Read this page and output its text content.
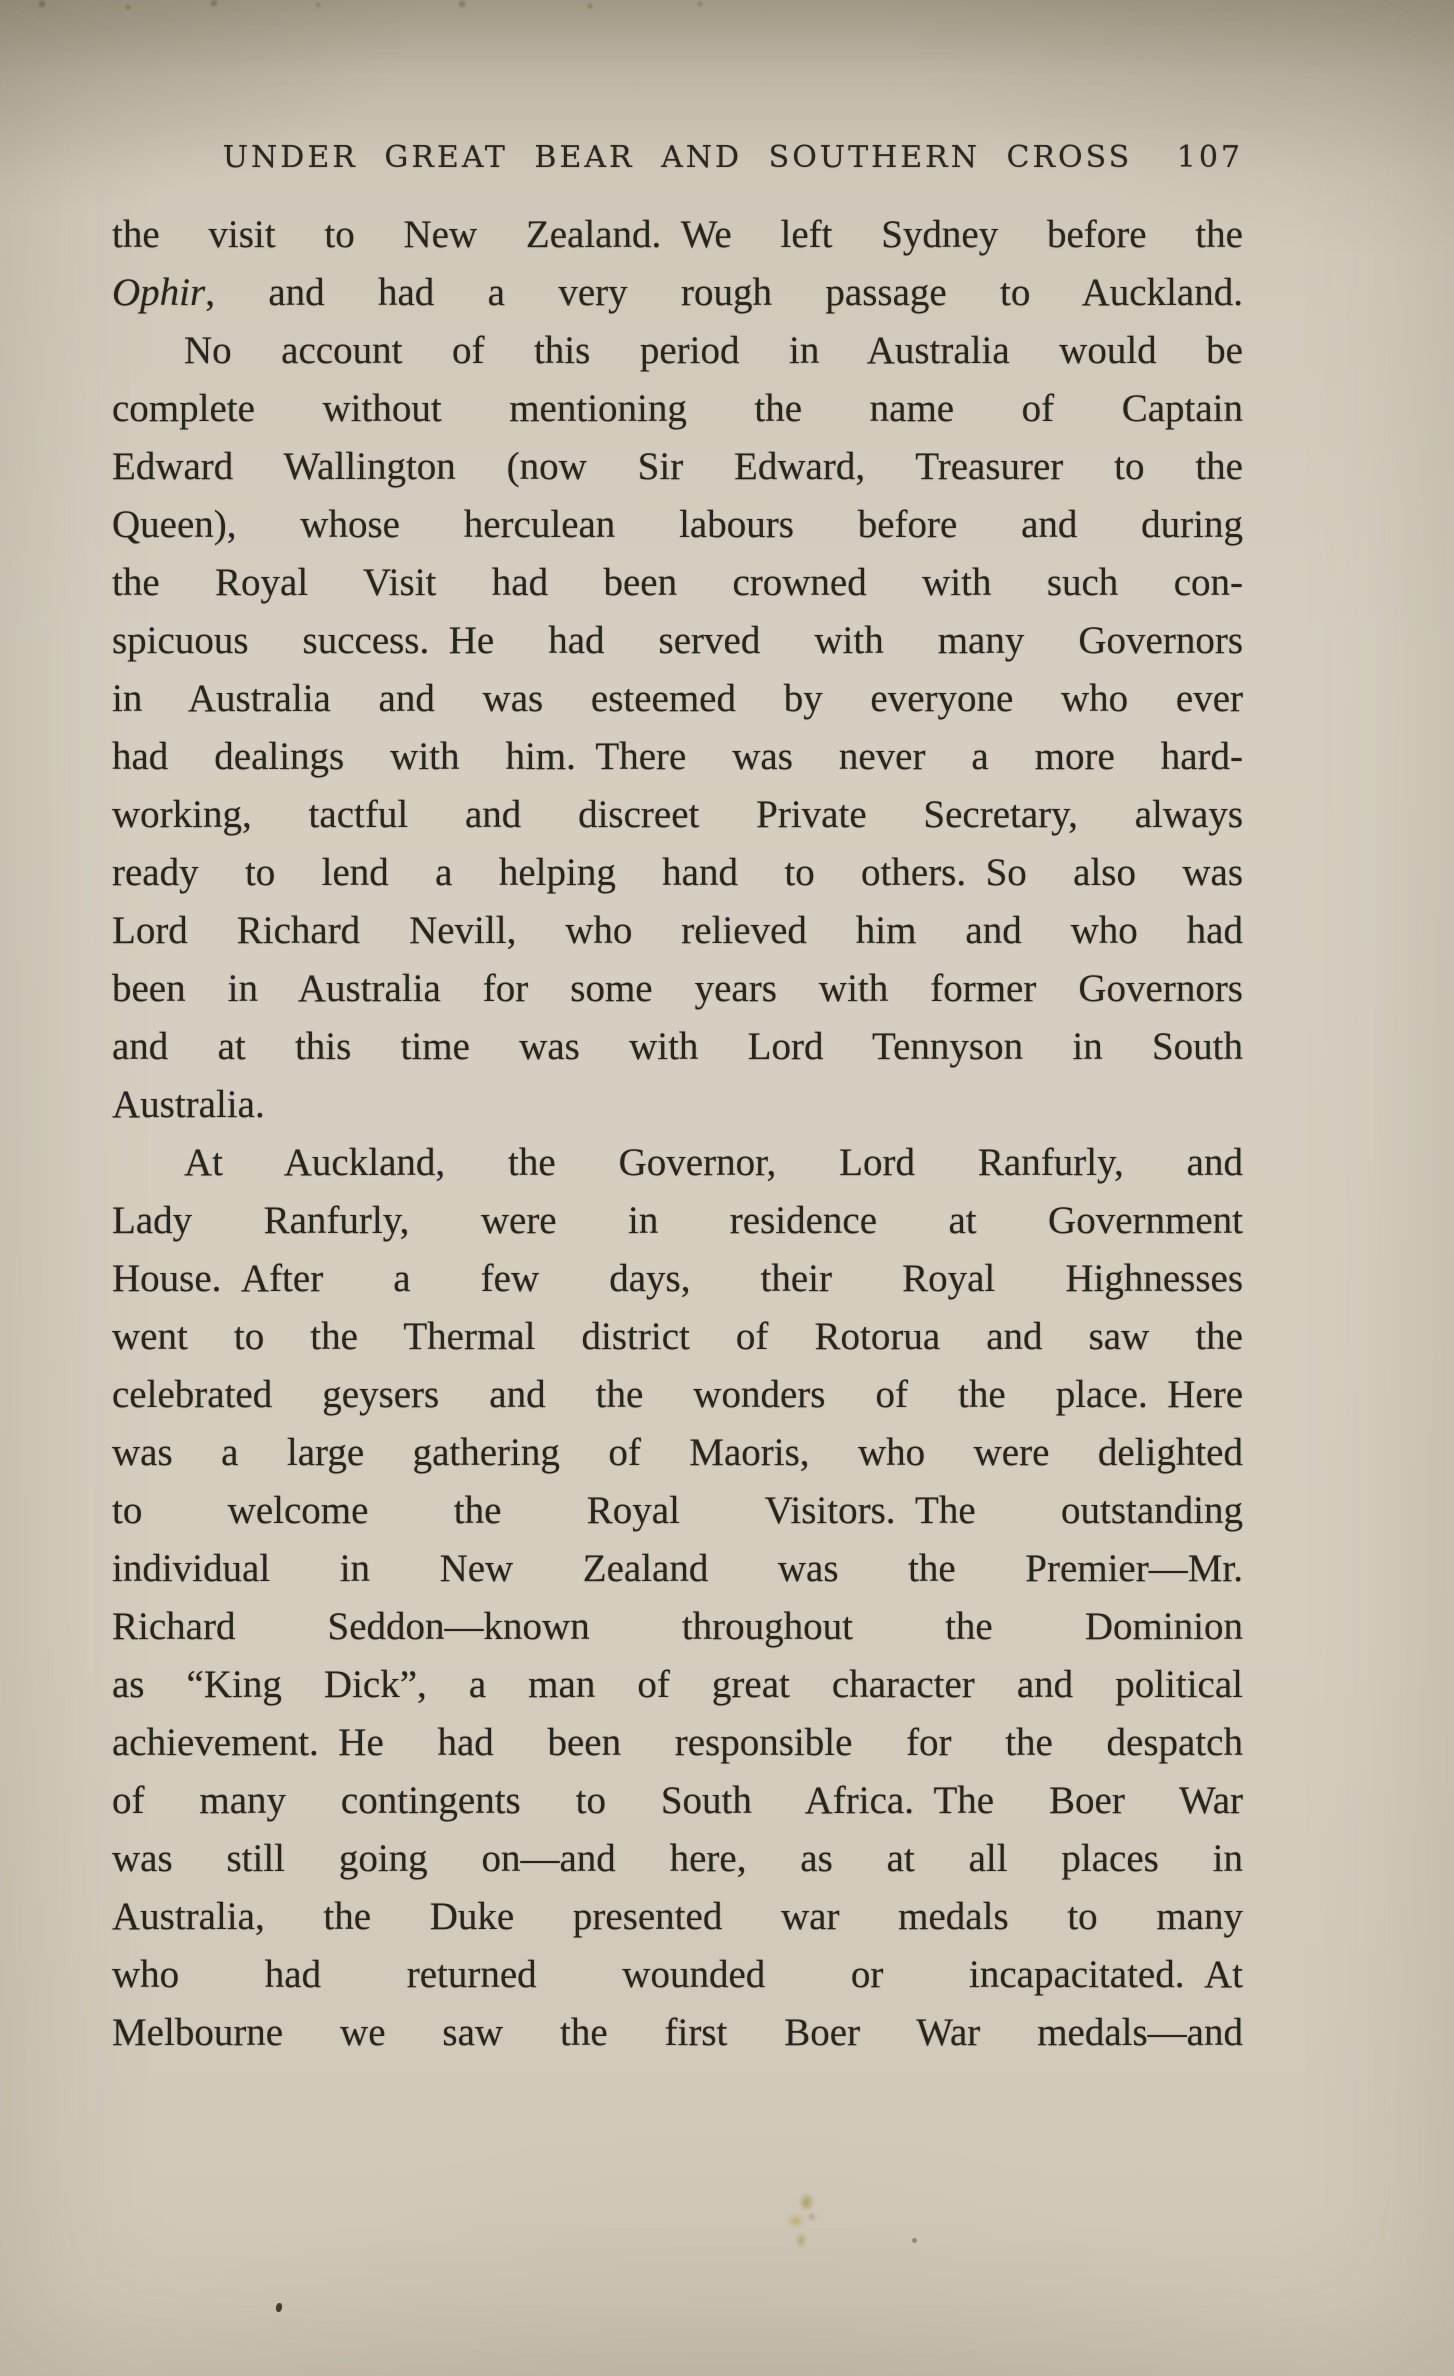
UNDER GREAT BEAR AND SOUTHERN CROSS 107
the visit to New Zealand. We left Sydney before the
Ophir, and had a very rough passage to Auckland.
No account of this period in Australia would be
complete without mentioning the name of Captain
Edward Wallington (now Sir Edward, Treasurer to the
Queen), whose herculean labours before and during
the Royal Visit had been crowned with such con-
spicuous success. He had served with many Governors
in Australia and was esteemed by everyone who ever
had dealings with him. There was never a more hard-
working, tactful and discreet Private Secretary, always
ready to lend a helping hand to others. So also was
Lord Richard Nevill, who relieved him and who had
been in Australia for some years with former Governors
and at this time was with Lord Tennyson in South
Australia.
At Auckland, the Governor, Lord Ranfurly, and
Lady Ranfurly, were in residence at Government
House. After a few days, their Royal Highnesses
went to the Thermal district of Rotorua and saw the
celebrated geysers and the wonders of the place. Here
was a large gathering of Maoris, who were delighted
to welcome the Royal Visitors. The outstanding
individual in New Zealand was the Premier—Mr.
Richard Seddon—known throughout the Dominion
as “King Dick”, a man of great character and political
achievement. He had been responsible for the despatch
of many contingents to South Africa. The Boer War
was still going on—and here, as at all places in
Australia, the Duke presented war medals to many
who had returned wounded or incapacitated. At
Melbourne we saw the first Boer War medals—and
